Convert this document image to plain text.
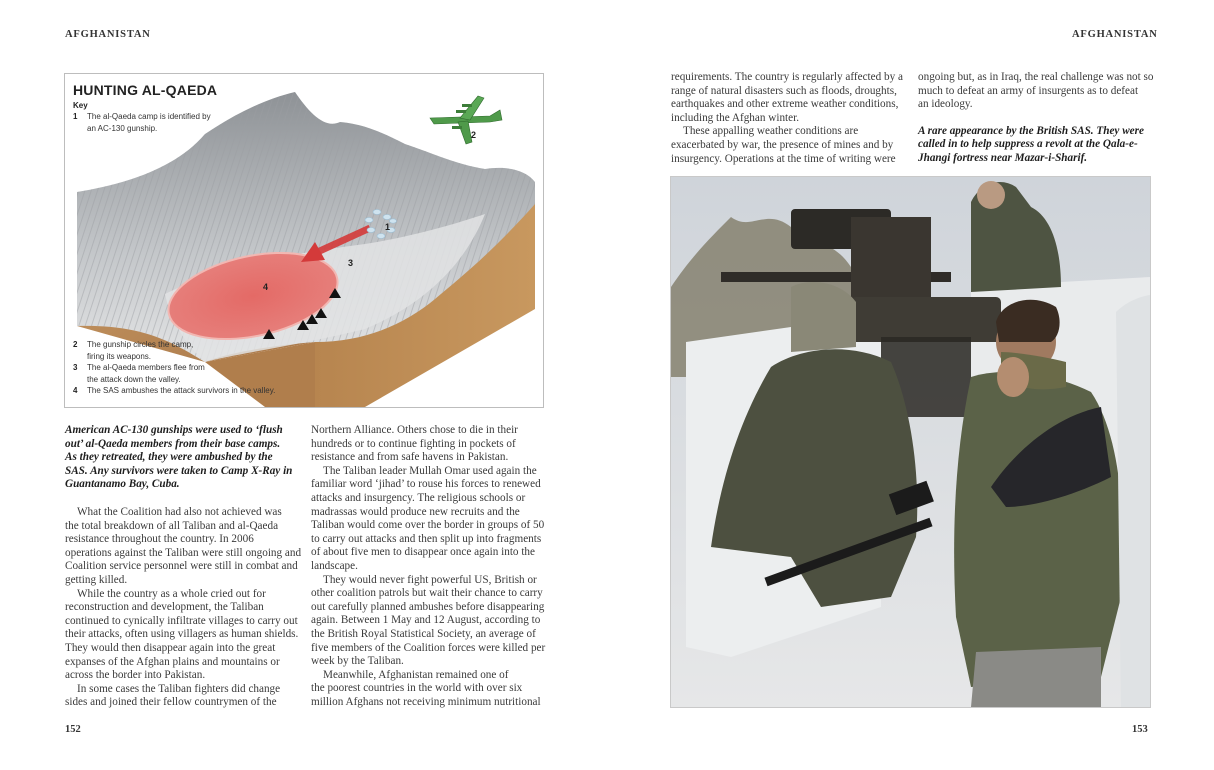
AFGHANISTAN
HUNTING AL-QAEDA
Key
1	The al-Qaeda camp is identified by
an AC-130 gunship.
2	The gunship circles the camp,
firing its weapons.
3	The al-Qaeda members flee from
the attack down the valley.
4	The SAS ambushes the attack survivors in the valley.
1
2
3
4
American AC-130 gunships were used to ‘flush
out’ al-Qaeda members from their base camps.
As they retreated, they were ambushed by the
SAS. Any survivors were taken to Camp X-Ray in
Guantanamo Bay, Cuba.
What the Coalition had also not achieved was
the total breakdown of all Taliban and al-Qaeda
resistance throughout the country. In 2006
operations against the Taliban were still ongoing and
Coalition service personnel were still in combat and
getting killed.
While the country as a whole cried out for
reconstruction and development, the Taliban
continued to cynically infiltrate villages to carry out
their attacks, often using villagers as human shields.
They would then disappear again into the great
expanses of the Afghan plains and mountains or
across the border into Pakistan.
In some cases the Taliban fighters did change
sides and joined their fellow countrymen of the
Northern Alliance. Others chose to die in their
hundreds or to continue fighting in pockets of
resistance and from safe havens in Pakistan.
The Taliban leader Mullah Omar used again the
familiar word ‘jihad’ to rouse his forces to renewed
attacks and insurgency. The religious schools or
madrassas would produce new recruits and the
Taliban would come over the border in groups of 50
to carry out attacks and then split up into fragments
of about five men to disappear once again into the
landscape.
They would never fight powerful US, British or
other coalition patrols but wait their chance to carry
out carefully planned ambushes before disappearing
again. Between 1 May and 12 August, according to
the British Royal Statistical Society, an average of
five members of the Coalition forces were killed per
week by the Taliban.
Meanwhile, Afghanistan remained one of
the poorest countries in the world with over six
million Afghans not receiving minimum nutritional
152
AFGHANISTAN
requirements. The country is regularly affected by a
range of natural disasters such as floods, droughts,
earthquakes and other extreme weather conditions,
including the Afghan winter.
These appalling weather conditions are
exacerbated by war, the presence of mines and by
insurgency. Operations at the time of writing were
ongoing but, as in Iraq, the real challenge was not so
much to defeat an army of insurgents as to defeat
an ideology.
A rare appearance by the British SAS. They were
called in to help suppress a revolt at the Qala-e-
Jhangi fortress near Mazar-i-Sharif.
153
